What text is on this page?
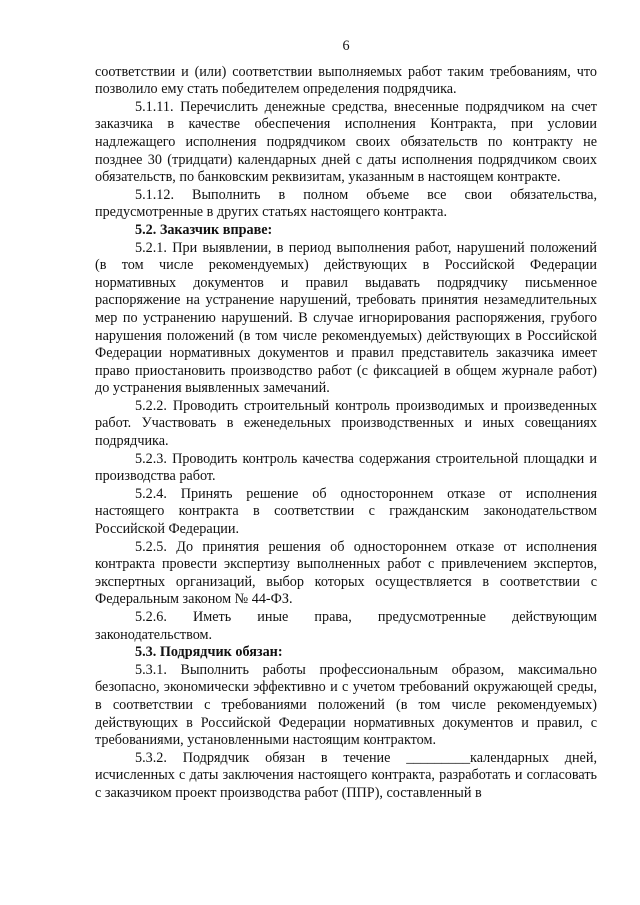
6

соответствии и (или) соответствии выполняемых работ таким требованиям, что позволило ему стать победителем определения подрядчика.

5.1.11. Перечислить денежные средства, внесенные подрядчиком на счет заказчика в качестве обеспечения исполнения Контракта, при условии надлежащего исполнения подрядчиком своих обязательств по контракту не позднее 30 (тридцати) календарных дней с даты исполнения подрядчиком своих обязательств, по банковским реквизитам, указанным в настоящем контракте.

5.1.12. Выполнить в полном объеме все свои обязательства, предусмотренные в других статьях настоящего контракта.

5.2. Заказчик вправе:

5.2.1. При выявлении, в период выполнения работ, нарушений положений (в том числе рекомендуемых) действующих в Российской Федерации нормативных документов и правил выдавать подрядчику письменное распоряжение на устранение нарушений, требовать принятия незамедлительных мер по устранению нарушений. В случае игнорирования распоряжения, грубого нарушения положений (в том числе рекомендуемых) действующих в Российской Федерации нормативных документов и правил представитель заказчика имеет право приостановить производство работ (с фиксацией в общем журнале работ) до устранения выявленных замечаний.

5.2.2. Проводить строительный контроль производимых и произведенных работ. Участвовать в еженедельных производственных и иных совещаниях подрядчика.

5.2.3. Проводить контроль качества содержания строительной площадки и производства работ.

5.2.4. Принять решение об одностороннем отказе от исполнения настоящего контракта в соответствии с гражданским законодательством Российской Федерации.

5.2.5. До принятия решения об одностороннем отказе от исполнения контракта провести экспертизу выполненных работ с привлечением экспертов, экспертных организаций, выбор которых осуществляется в соответствии с Федеральным законом № 44-ФЗ.

5.2.6. Иметь иные права, предусмотренные действующим законодательством.

5.3. Подрядчик обязан:

5.3.1. Выполнить работы профессиональным образом, максимально безопасно, экономически эффективно и с учетом требований окружающей среды, в соответствии с требованиями положений (в том числе рекомендуемых) действующих в Российской Федерации нормативных документов и правил, с требованиями, установленными настоящим контрактом.

5.3.2. Подрядчик обязан в течение _________календарных дней, исчисленных с даты заключения настоящего контракта, разработать и согласовать с заказчиком проект производства работ (ППР), составленный в
